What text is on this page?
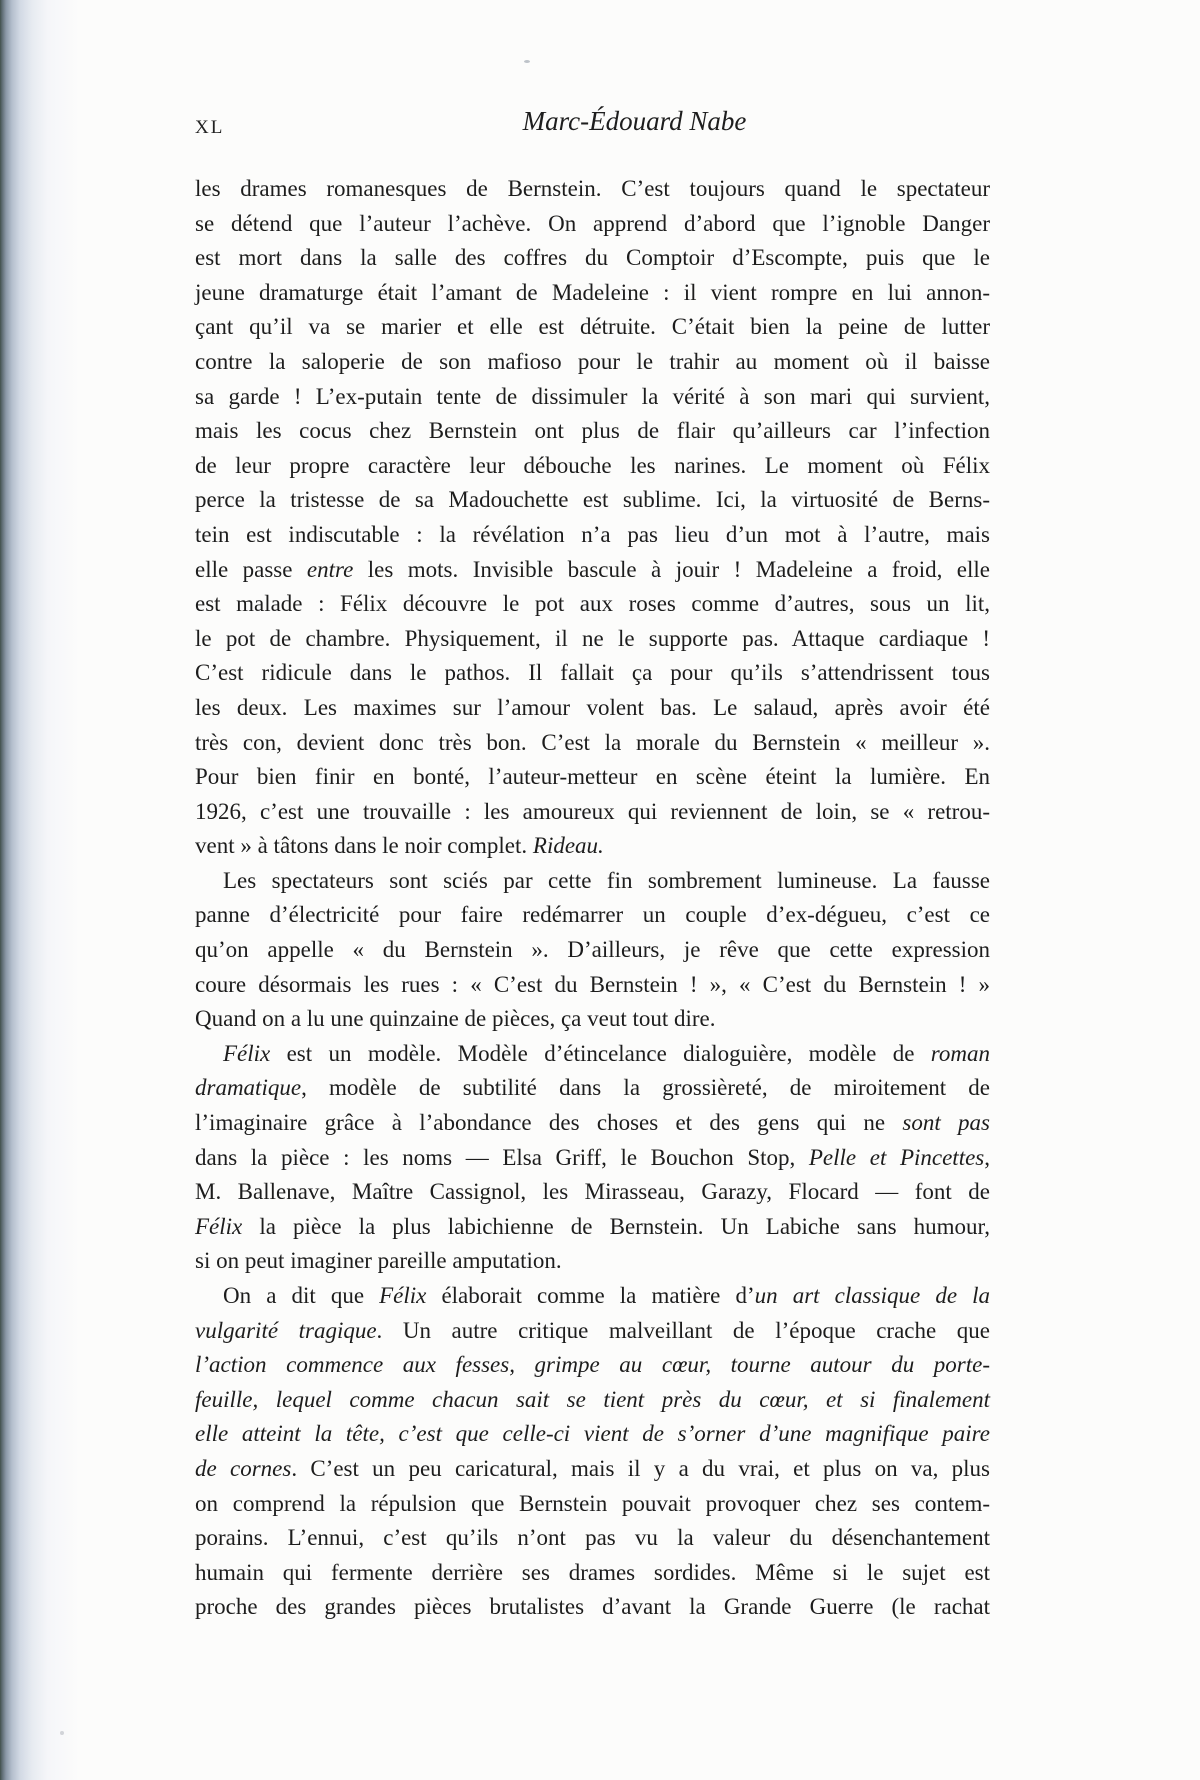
XL	Marc-Édouard Nabe
les drames romanesques de Bernstein. C’est toujours quand le spectateur
se détend que l’auteur l’achève. On apprend d’abord que l’ignoble Danger
est mort dans la salle des coffres du Comptoir d’Escompte, puis que le
jeune dramaturge était l’amant de Madeleine : il vient rompre en lui annon-
çant qu’il va se marier et elle est détruite. C’était bien la peine de lutter
contre la saloperie de son mafioso pour le trahir au moment où il baisse
sa garde ! L’ex-putain tente de dissimuler la vérité à son mari qui survient,
mais les cocus chez Bernstein ont plus de flair qu’ailleurs car l’infection
de leur propre caractère leur débouche les narines. Le moment où Félix
perce la tristesse de sa Madouchette est sublime. Ici, la virtuosité de Berns-
tein est indiscutable : la révélation n’a pas lieu d’un mot à l’autre, mais
elle passe entre les mots. Invisible bascule à jouir ! Madeleine a froid, elle
est malade : Félix découvre le pot aux roses comme d’autres, sous un lit,
le pot de chambre. Physiquement, il ne le supporte pas. Attaque cardiaque !
C’est ridicule dans le pathos. Il fallait ça pour qu’ils s’attendrissent tous
les deux. Les maximes sur l’amour volent bas. Le salaud, après avoir été
très con, devient donc très bon. C’est la morale du Bernstein « meilleur ».
Pour bien finir en bonté, l’auteur-metteur en scène éteint la lumière. En
1926, c’est une trouvaille : les amoureux qui reviennent de loin, se « retrou-
vent » à tâtons dans le noir complet. Rideau.
Les spectateurs sont sciés par cette fin sombrement lumineuse. La fausse
panne d’électricité pour faire redémarrer un couple d’ex-dégueu, c’est ce
qu’on appelle « du Bernstein ». D’ailleurs, je rêve que cette expression
coure désormais les rues : « C’est du Bernstein ! », « C’est du Bernstein ! »
Quand on a lu une quinzaine de pièces, ça veut tout dire.
Félix est un modèle. Modèle d’étincelance dialoguière, modèle de roman
dramatique, modèle de subtilité dans la grossièreté, de miroitement de
l’imaginaire grâce à l’abondance des choses et des gens qui ne sont pas
dans la pièce : les noms — Elsa Griff, le Bouchon Stop, Pelle et Pincettes,
M. Ballenave, Maître Cassignol, les Mirasseau, Garazy, Flocard — font de
Félix la pièce la plus labichienne de Bernstein. Un Labiche sans humour,
si on peut imaginer pareille amputation.
On a dit que Félix élaborait comme la matière d’un art classique de la
vulgarité tragique. Un autre critique malveillant de l’époque crache que
l’action commence aux fesses, grimpe au cœur, tourne autour du porte-
feuille, lequel comme chacun sait se tient près du cœur, et si finalement
elle atteint la tête, c’est que celle-ci vient de s’orner d’une magnifique paire
de cornes. C’est un peu caricatural, mais il y a du vrai, et plus on va, plus
on comprend la répulsion que Bernstein pouvait provoquer chez ses contem-
porains. L’ennui, c’est qu’ils n’ont pas vu la valeur du désenchantement
humain qui fermente derrière ses drames sordides. Même si le sujet est
proche des grandes pièces brutalistes d’avant la Grande Guerre (le rachat
